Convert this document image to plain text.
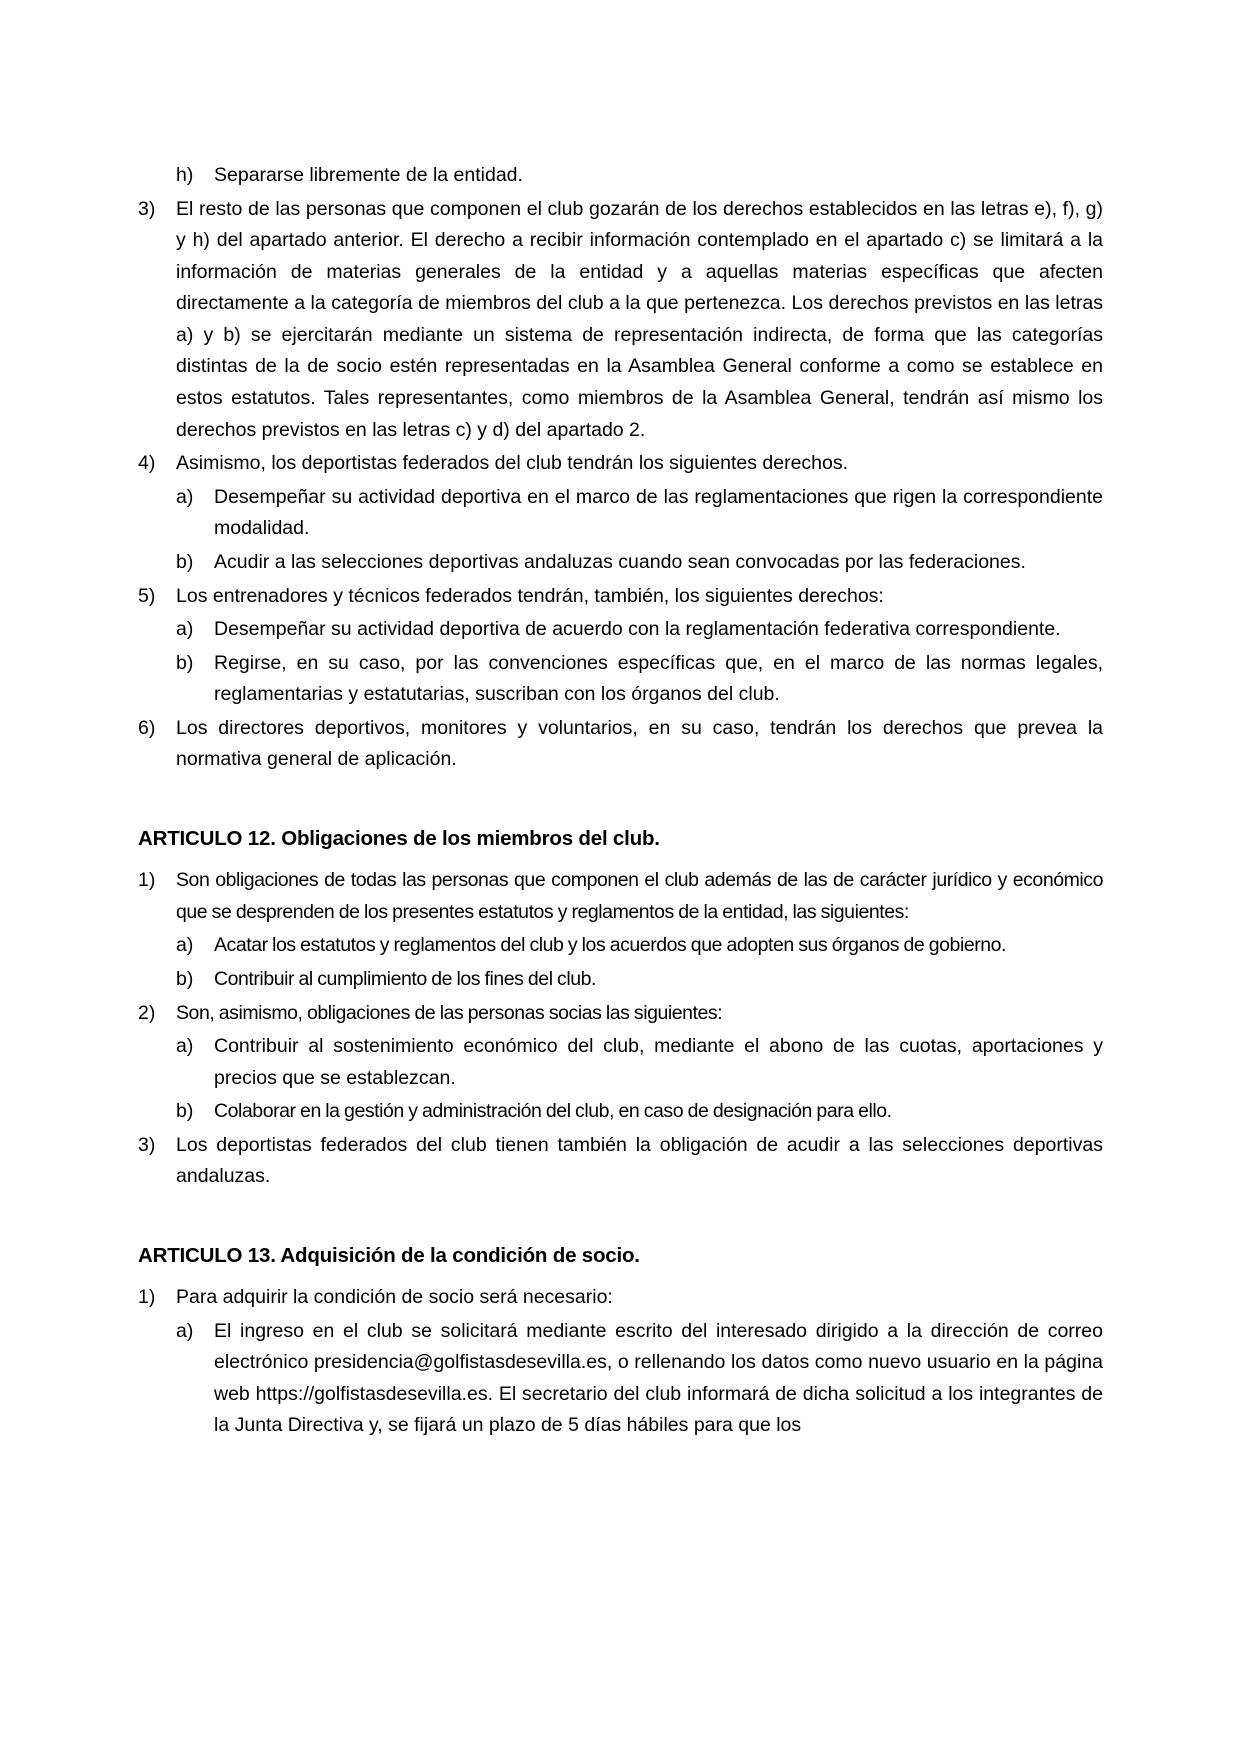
h)	Separarse libremente de la entidad.
3)	El resto de las personas que componen el club gozarán de los derechos establecidos en las letras e), f), g) y h) del apartado anterior. El derecho a recibir información contemplado en el apartado c) se limitará a la información de materias generales de la entidad y a aquellas materias específicas que afecten directamente a la categoría de miembros del club a la que pertenezca. Los derechos previstos en las letras a) y b) se ejercitarán mediante un sistema de representación indirecta, de forma que las categorías distintas de la de socio estén representadas en la Asamblea General conforme a como se establece en estos estatutos. Tales representantes, como miembros de la Asamblea General, tendrán así mismo los derechos previstos en las letras c) y d) del apartado 2.
4)	Asimismo, los deportistas federados del club tendrán los siguientes derechos.
a)	Desempeñar su actividad deportiva en el marco de las reglamentaciones que rigen la correspondiente modalidad.
b)	Acudir a las selecciones deportivas andaluzas cuando sean convocadas por las federaciones.
5)	Los entrenadores y técnicos federados tendrán, también, los siguientes derechos:
a)	Desempeñar su actividad deportiva de acuerdo con la reglamentación federativa correspondiente.
b)	Regirse, en su caso, por las convenciones específicas que, en el marco de las normas legales, reglamentarias y estatutarias, suscriban con los órganos del club.
6)	Los directores deportivos, monitores y voluntarios, en su caso, tendrán los derechos que prevea la normativa general de aplicación.
ARTICULO 12. Obligaciones de los miembros del club.
1)	Son obligaciones de todas las personas que componen el club además de las de carácter jurídico y económico que se desprenden de los presentes estatutos y reglamentos de la entidad, las siguientes:
a)	Acatar los estatutos y reglamentos del club y los acuerdos que adopten sus órganos de gobierno.
b)	Contribuir al cumplimiento de los fines del club.
2)	Son, asimismo, obligaciones de las personas socias las siguientes:
a)	Contribuir al sostenimiento económico del club, mediante el abono de las cuotas, aportaciones y precios que se establezcan.
b)	Colaborar en la gestión y administración del club, en caso de designación para ello.
3)	Los deportistas federados del club tienen también la obligación de acudir a las selecciones deportivas andaluzas.
ARTICULO 13. Adquisición de la condición de socio.
1)	Para adquirir la condición de socio será necesario:
a)	El ingreso en el club se solicitará mediante escrito del interesado dirigido a la dirección de correo electrónico presidencia@golfistasdesevilla.es, o rellenando los datos como nuevo usuario en la página web https://golfistasdesevilla.es. El secretario del club informará de dicha solicitud a los integrantes de la Junta Directiva y, se fijará un plazo de 5 días hábiles para que los
